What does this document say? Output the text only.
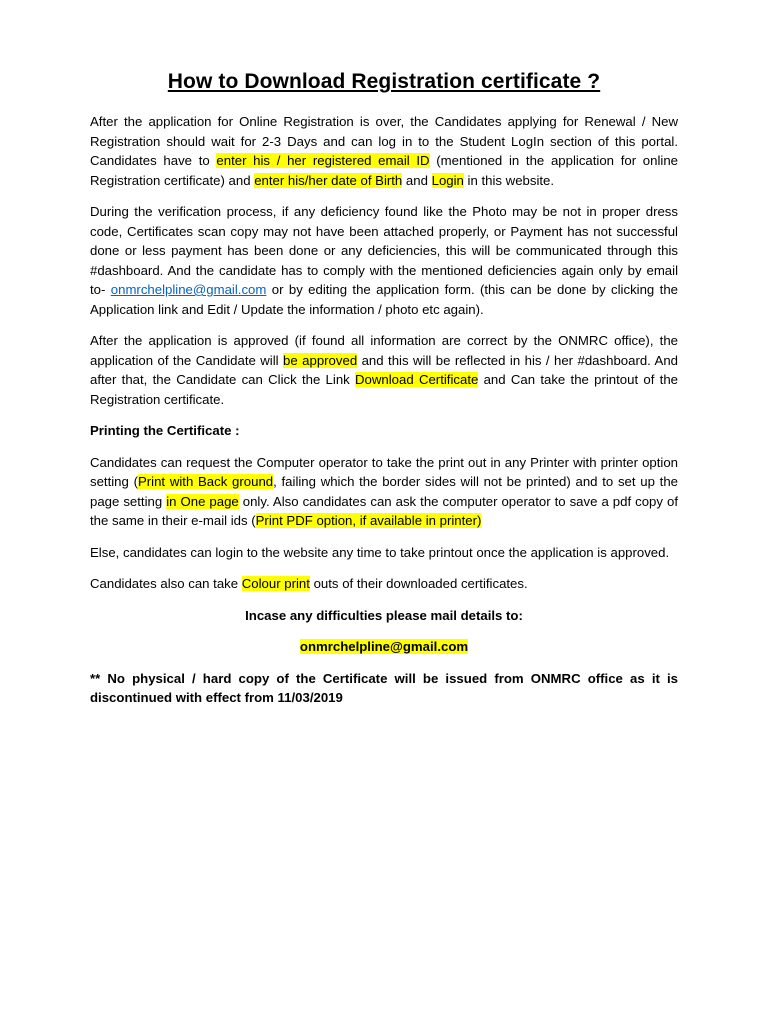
How to Download Registration certificate ?

After the application for Online Registration is over, the Candidates applying for Renewal / New Registration should wait for 2-3 Days and can log in to the Student LogIn section of this portal. Candidates have to enter his / her registered email ID (mentioned in the application for online Registration certificate) and enter his/her date of Birth and Login in this website.

During the verification process, if any deficiency found like the Photo may be not in proper dress code, Certificates scan copy may not have been attached properly, or Payment has not successful done or less payment has been done or any deficiencies, this will be communicated through this #dashboard. And the candidate has to comply with the mentioned deficiencies again only by email to- onmrchelpline@gmail.com or by editing the application form. (this can be done by clicking the Application link and Edit / Update the information / photo etc again).

After the application is approved (if found all information are correct by the ONMRC office), the application of the Candidate will be approved and this will be reflected in his / her #dashboard. And after that, the Candidate can Click the Link Download Certificate and Can take the printout of the Registration certificate.

Printing the Certificate :

Candidates can request the Computer operator to take the print out in any Printer with printer option setting (Print with Back ground, failing which the border sides will not be printed) and to set up the page setting in One page only. Also candidates can ask the computer operator to save a pdf copy of the same in their e-mail ids (Print PDF option, if available in printer)

Else, candidates can login to the website any time to take printout once the application is approved.

Candidates also can take Colour print outs of their downloaded certificates.

Incase any difficulties please mail details to:

onmrchelpline@gmail.com

** No physical / hard copy of the Certificate will be issued from ONMRC office as it is discontinued with effect from 11/03/2019
